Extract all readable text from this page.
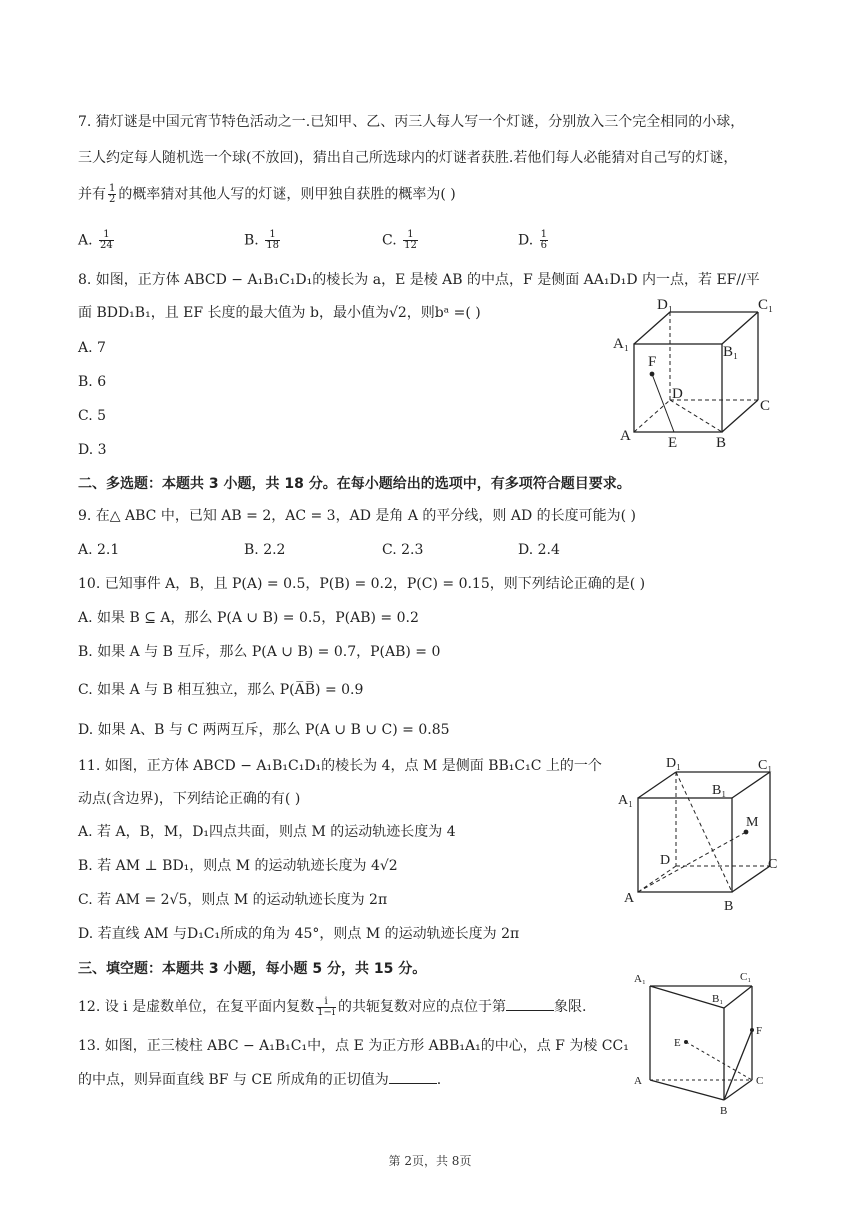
7. 猜灯谜是中国元宵节特色活动之一.已知甲、乙、丙三人每人写一个灯谜，分别放入三个完全相同的小球，
三人约定每人随机选一个球(不放回)，猜出自己所选球内的灯谜者获胜.若他们每人必能猜对自己写的灯谜，
并有 $\frac{1}{2}$ 的概率猜对其他人写的灯谜，则甲独自获胜的概率为( )
A. $\frac{1}{24}$	B. $\frac{1}{18}$	C. $\frac{1}{12}$	D. $\frac{1}{6}$
8. 如图，正方体 ABCD − A₁B₁C₁D₁的棱长为 a，E 是棱 AB 的中点，F 是侧面 AA₁D₁D 内一点，若 EF//平
面 BDD₁B₁，且 EF 长度的最大值为 b，最小值为√2，则bᵃ =( )
A. 7
B. 6
C. 5
D. 3
D₁	C₁
A₁	B₁
F
D
C
A E	B
二、多选题：本题共 3 小题，共 18 分。在每小题给出的选项中，有多项符合题目要求。
9. 在△ ABC 中，已知 AB = 2，AC = 3，AD 是角 A 的平分线，则 AD 的长度可能为( )
A. 2.1	B. 2.2	C. 2.3	D. 2.4
10. 已知事件 A，B，且 P(A) = 0.5，P(B) = 0.2，P(C) = 0.15，则下列结论正确的是( )
A. 如果 B ⊆ A，那么 P(A ∪ B) = 0.5，P(AB) = 0.2
B. 如果 A 与 B 互斥，那么 P(A ∪ B) = 0.7，P(AB) = 0
C. 如果 A 与 B 相互独立，那么 P(A̅B̅) = 0.9
D. 如果 A、B 与 C 两两互斥，那么 P(A ∪ B ∪ C) = 0.85
11. 如图，正方体 ABCD − A₁B₁C₁D₁的棱长为 4，点 M 是侧面 BB₁C₁C 上的一个
动点(含边界)，下列结论正确的有( )
A. 若 A，B，M，D₁四点共面，则点 M 的运动轨迹长度为 4
B. 若 AM ⊥ BD₁，则点 M 的运动轨迹长度为 4√2
C. 若 AM = 2√5，则点 M 的运动轨迹长度为 2π
D. 若直线 AM 与D₁C₁所成的角为 45°，则点 M 的运动轨迹长度为 2π
D₁	C₁
A₁
B₁
M
D	C
A
B
三、填空题：本题共 3 小题，每小题 5 分，共 15 分。
12. 设 i 是虚数单位，在复平面内复数 $\frac{i}{1-i}$ 的共轭复数对应的点位于第	象限.
13. 如图，正三棱柱 ABC − A₁B₁C₁中，点 E 为正方形 ABB₁A₁的中心，点 F 为棱 CC₁
的中点，则异面直线 BF 与 CE 所成角的正切值为	.
A₁	C₁
B₁
F
E
A	C
B
第 2页，共 8页
